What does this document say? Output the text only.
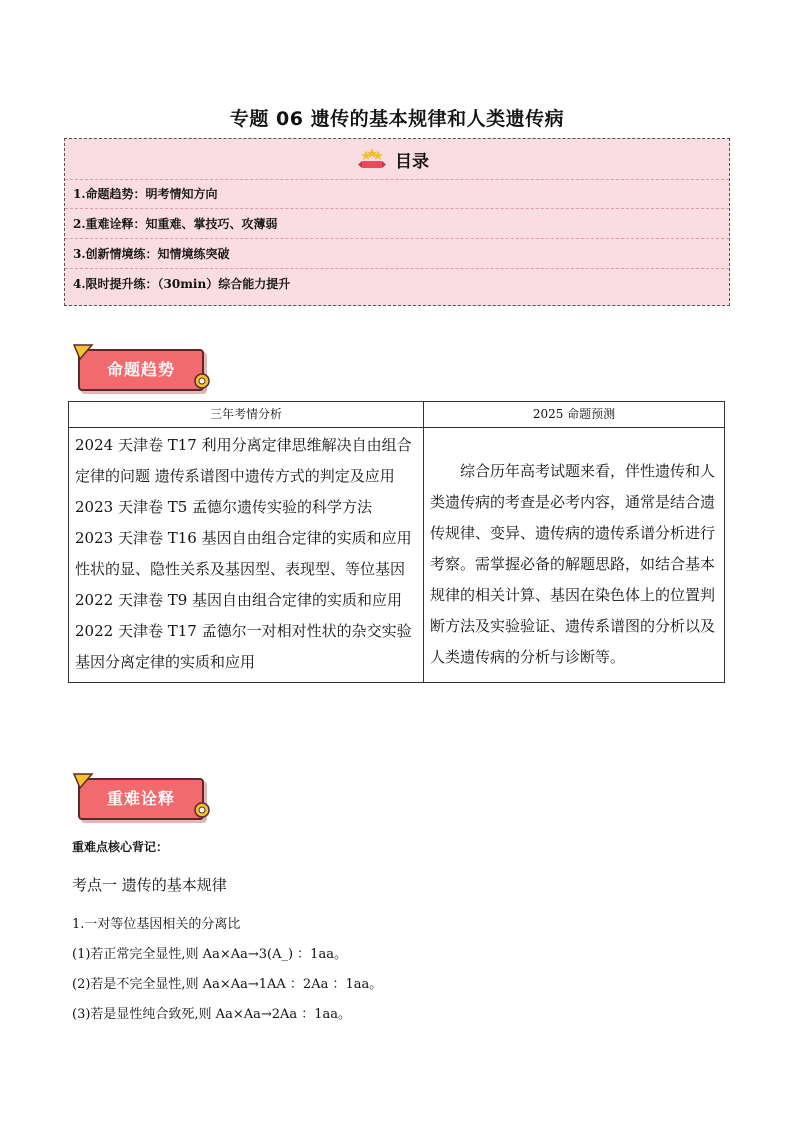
专题 06 遗传的基本规律和人类遗传病
目录
1.命题趋势：明考情知方向
2.重难诠释：知重难、掌技巧、攻薄弱
3.创新情境练：知情境练突破
4.限时提升练：（30min）综合能力提升
命题趋势
三年考情分析	2025 命题预测

2024 天津卷 T17 利用分离定律思维解决自由组合定律的问题 遗传系谱图中遗传方式的判定及应用
2023 天津卷 T5 孟德尔遗传实验的科学方法
2023 天津卷 T16 基因自由组合定律的实质和应用 性状的显、隐性关系及基因型、表现型、等位基因
2022 天津卷 T9 基因自由组合定律的实质和应用
2022 天津卷 T17 孟德尔一对相对性状的杂交实验 基因分离定律的实质和应用	综合历年高考试题来看，伴性遗传和人类遗传病的考查是必考内容，通常是结合遗传规律、变异、遗传病的遗传系谱分析进行考察。需掌握必备的解题思路，如结合基本规律的相关计算、基因在染色体上的位置判断方法及实验验证、遗传系谱图的分析以及人类遗传病的分析与诊断等。
重难诠释
重难点核心背记：
考点一 遗传的基本规律
1.一对等位基因相关的分离比
(1)若正常完全显性,则 Aa×Aa→3(A_) ：1aa。
(2)若是不完全显性,则 Aa×Aa→1AA ：2Aa ：1aa。
(3)若是显性纯合致死,则 Aa×Aa→2Aa ：1aa。
